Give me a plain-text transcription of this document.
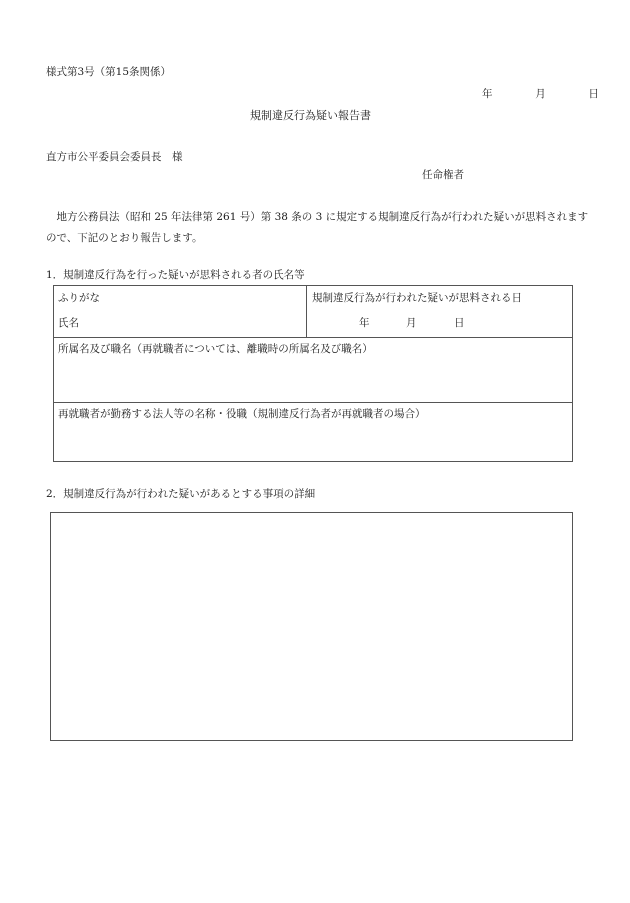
様式第3号（第15条関係）
年	月	日
規制違反行為疑い報告書
直方市公平委員会委員長　様
任命権者
地方公務員法（昭和 25 年法律第 261 号）第 38 条の 3 に規定する規制違反行為が行われた疑いが思料されますので、下記のとおり報告します。
1．規制違反行為を行った疑いが思料される者の氏名等
ふりがな
氏名
規制違反行為が行われた疑いが思料される日
年	月	日
所属名及び職名（再就職者については、離職時の所属名及び職名）
再就職者が勤務する法人等の名称・役職（規制違反行為者が再就職者の場合）
2．規制違反行為が行われた疑いがあるとする事項の詳細
